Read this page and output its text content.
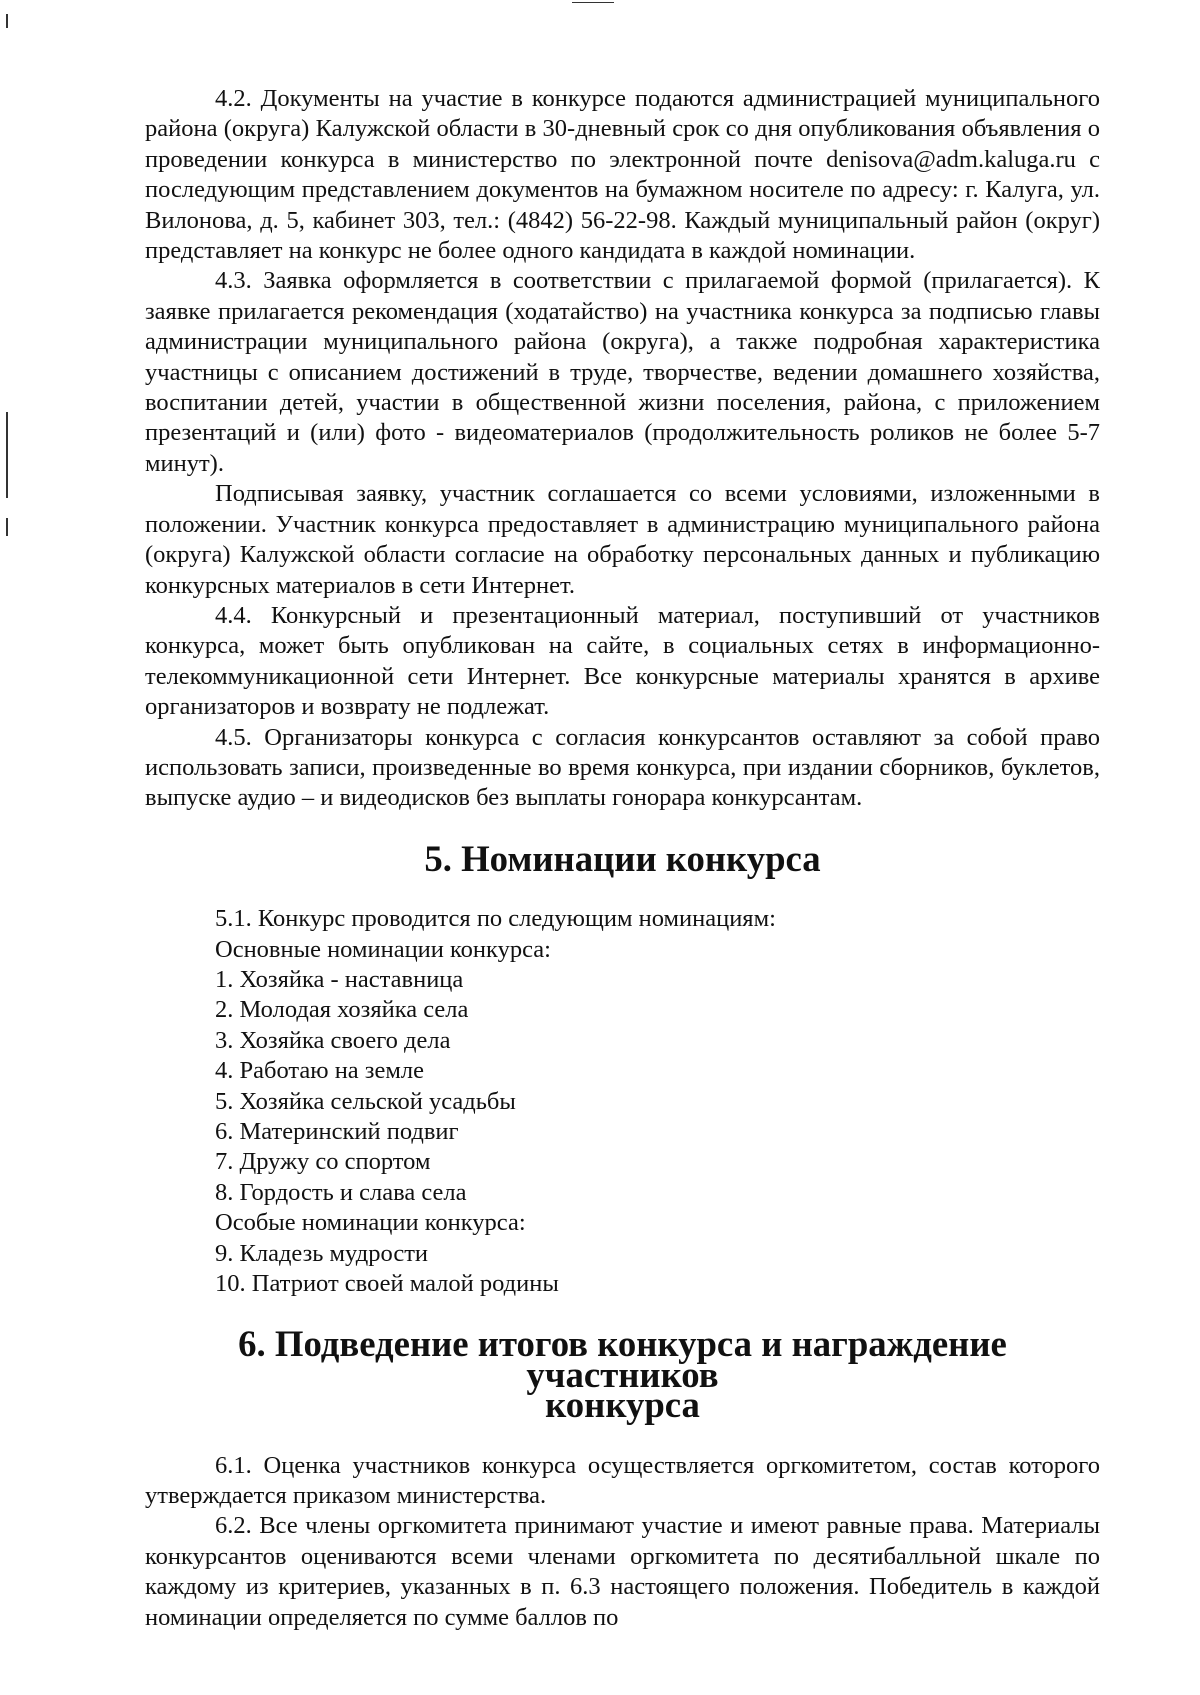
4.2. Документы на участие в конкурсе подаются администрацией муниципального района (округа) Калужской области в 30-дневный срок со дня опубликования объявления о проведении конкурса в министерство по электронной почте denisova@adm.kaluga.ru с последующим представлением документов на бумажном носителе по адресу: г. Калуга, ул. Вилонова, д. 5, кабинет 303, тел.: (4842) 56-22-98. Каждый муниципальный район (округ) представляет на конкурс не более одного кандидата в каждой номинации.

4.3. Заявка оформляется в соответствии с прилагаемой формой (прилагается). К заявке прилагается рекомендация (ходатайство) на участника конкурса за подписью главы администрации муниципального района (округа), а также подробная характеристика участницы с описанием достижений в труде, творчестве, ведении домашнего хозяйства, воспитании детей, участии в общественной жизни поселения, района, с приложением презентаций и (или) фото - видеоматериалов (продолжительность роликов не более 5-7 минут).

Подписывая заявку, участник соглашается со всеми условиями, изложенными в положении. Участник конкурса предоставляет в администрацию муниципального района (округа) Калужской области согласие на обработку персональных данных и публикацию конкурсных материалов в сети Интернет.

4.4. Конкурсный и презентационный материал, поступивший от участников конкурса, может быть опубликован на сайте, в социальных сетях в информационно-телекоммуникационной сети Интернет. Все конкурсные материалы хранятся в архиве организаторов и возврату не подлежат.

4.5. Организаторы конкурса с согласия конкурсантов оставляют за собой право использовать записи, произведенные во время конкурса, при издании сборников, буклетов, выпуске аудио – и видеодисков без выплаты гонорара конкурсантам.

5. Номинации конкурса
5.1. Конкурс проводится по следующим номинациям:
Основные номинации конкурса:
1. Хозяйка - наставница
2. Молодая хозяйка села
3. Хозяйка своего дела
4. Работаю на земле
5. Хозяйка сельской усадьбы
6. Материнский подвиг
7. Дружу со спортом
8. Гордость и слава села
Особые номинации конкурса:
9. Кладезь мудрости
10. Патриот своей малой родины
6. Подведение итогов конкурса и награждение участников
конкурса

6.1. Оценка участников конкурса осуществляется оргкомитетом, состав которого утверждается приказом министерства.

6.2. Все члены оргкомитета принимают участие и имеют равные права. Материалы конкурсантов оцениваются всеми членами оргкомитета по десятибалльной шкале по каждому из критериев, указанных в п. 6.3 настоящего положения. Победитель в каждой номинации определяется по сумме баллов по
